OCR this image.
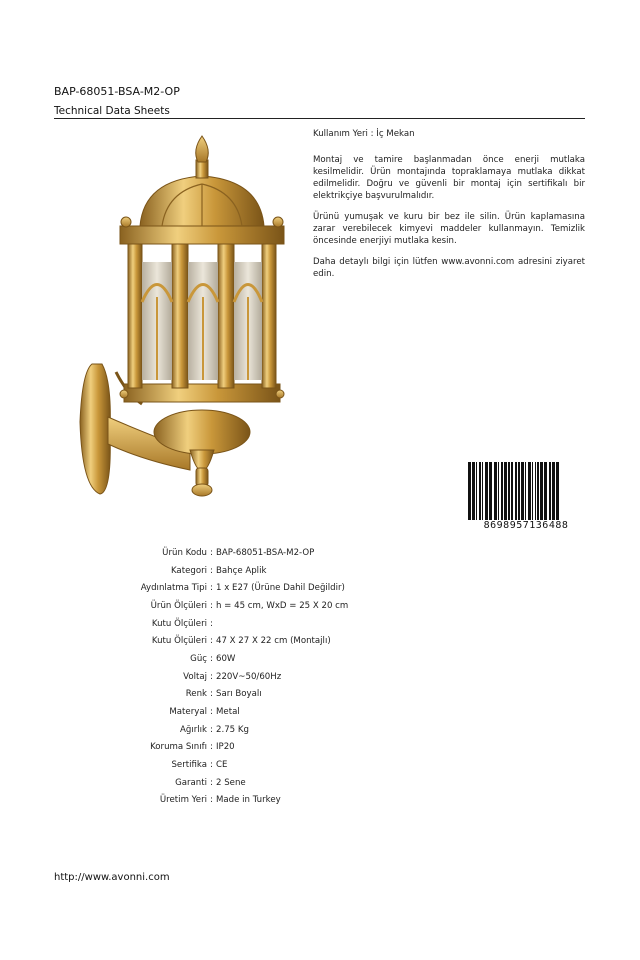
BAP-68051-BSA-M2-OP
Technical Data Sheets

Kullanım Yeri : İç Mekan

Montaj ve tamire başlanmadan önce enerji mutlaka kesilmelidir. Ürün montajında topraklamaya mutlaka dikkat edilmelidir. Doğru ve güvenli bir montaj için sertifikalı bir elektrikçiye başvurulmalıdır.

Ürünü yumuşak ve kuru bir bez ile silin. Ürün kaplamasına zarar verebilecek kimyevi maddeler kullanmayın. Temizlik öncesinde enerjiyi mutlaka kesin.

Daha detaylı bilgi için lütfen www.avonni.com adresini ziyaret edin.

8698957136488
Ürün Kodu : BAP-68051-BSA-M2-OP
Kategori : Bahçe Aplik
Aydınlatma Tipi : 1 x E27 (Ürüne Dahil Değildir)
Ürün Ölçüleri : h = 45 cm, WxD = 25 X 20 cm
Kutu Ölçüleri :
Kutu Ölçüleri : 47 X 27 X 22 cm (Montajlı)
Güç : 60W
Voltaj : 220V~50/60Hz
Renk : Sarı Boyalı
Materyal : Metal
Ağırlık : 2.75 Kg
Koruma Sınıfı : IP20
Sertifika : CE
Garanti : 2 Sene
Üretim Yeri : Made in Turkey
http://www.avonni.com
